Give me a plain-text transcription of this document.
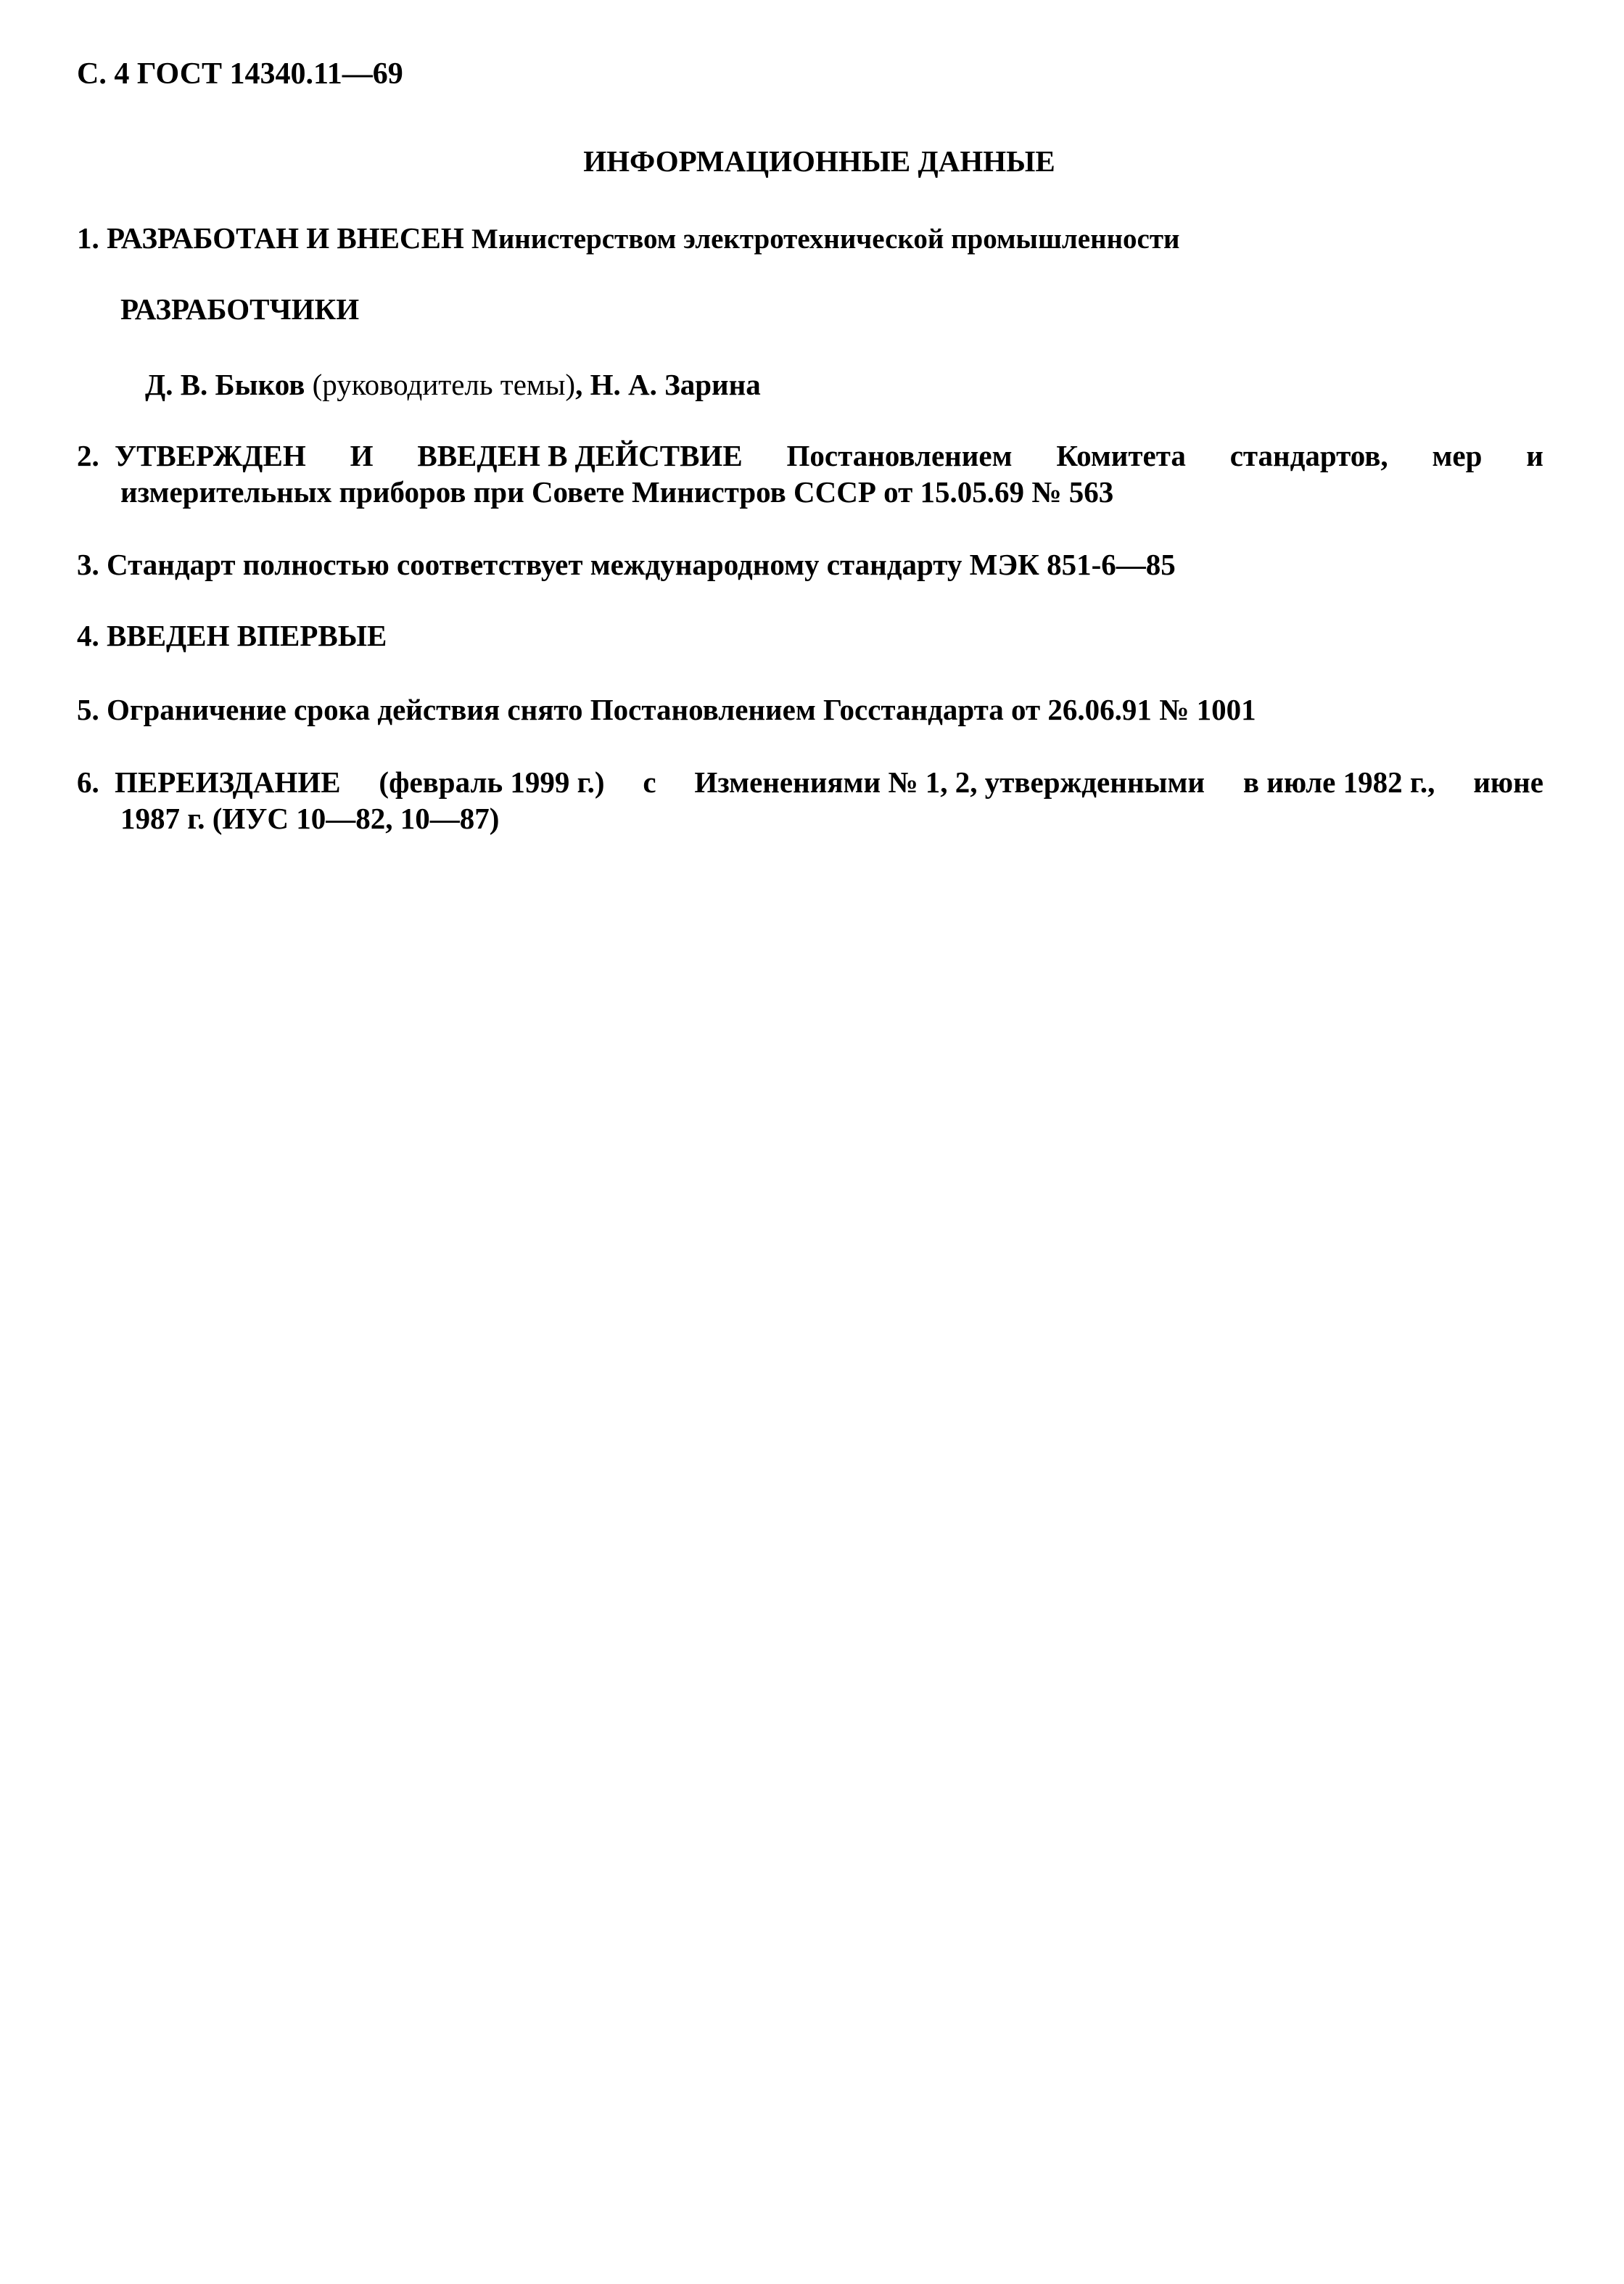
С. 4 ГОСТ 14340.11—69
ИНФОРМАЦИОННЫЕ ДАННЫЕ
1. РАЗРАБОТАН И ВНЕСЕН Министерством электротехнической промышленности
РАЗРАБОТЧИКИ
Д. В. Быков (руководитель темы), Н. А. Зарина
2. УТВЕРЖДЕН И ВВЕДЕН В ДЕЙСТВИЕ Постановлением Комитета стандартов, мер и
измерительных приборов при Совете Министров СССР от 15.05.69 № 563
3. Стандарт полностью соответствует международному стандарту МЭК 851-6—85
4. ВВЕДЕН ВПЕРВЫЕ
5. Ограничение срока действия снято Постановлением Госстандарта от 26.06.91 № 1001
6. ПЕРЕИЗДАНИЕ (февраль 1999 г.) с Изменениями № 1, 2, утвержденными в июле 1982 г., июне
1987 г. (ИУС 10—82, 10—87)
